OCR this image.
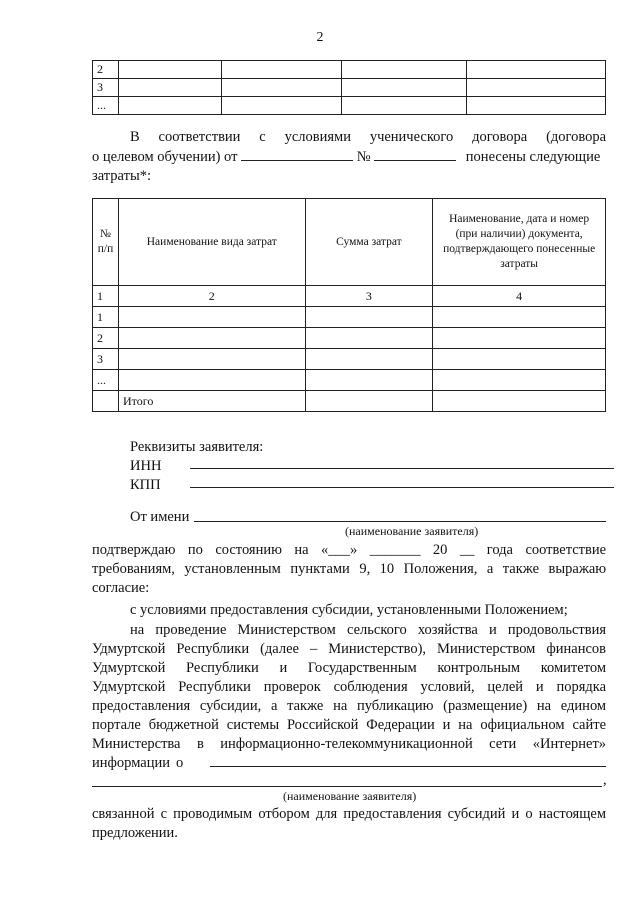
2
2				
3				
...				
В соответствии с условиями ученического договора (договора
о целевом обучении) от	№	понесены следующие
затраты*:
№ п/п	Наименование вида затрат	Сумма затрат	Наименование, дата и номер (при наличии) документа, подтверждающего понесенные затраты
1	2	3	4
1			
2			
3			
...			
	Итого		
Реквизиты заявителя:
ИНН
КПП
От имени
(наименование заявителя)
подтверждаю по состоянию на «___» _______ 20 __ года соответствие
требованиям, установленным пунктами 9, 10 Положения, а также выражаю
согласие:
с условиями предоставления субсидии, установленными Положением;
на проведение Министерством сельского хозяйства и продовольствия
Удмуртской Республики (далее – Министерство), Министерством финансов
Удмуртской Республики и Государственным контрольным комитетом
Удмуртской Республики проверок соблюдения условий, целей и порядка
предоставления субсидии, а также на публикацию (размещение) на едином
портале бюджетной системы Российской Федерации и на официальном сайте
Министерства в информационно-телекоммуникационной сети «Интернет»
информации о
,
(наименование заявителя)
связанной с проводимым отбором для предоставления субсидий и о настоящем
предложении.
